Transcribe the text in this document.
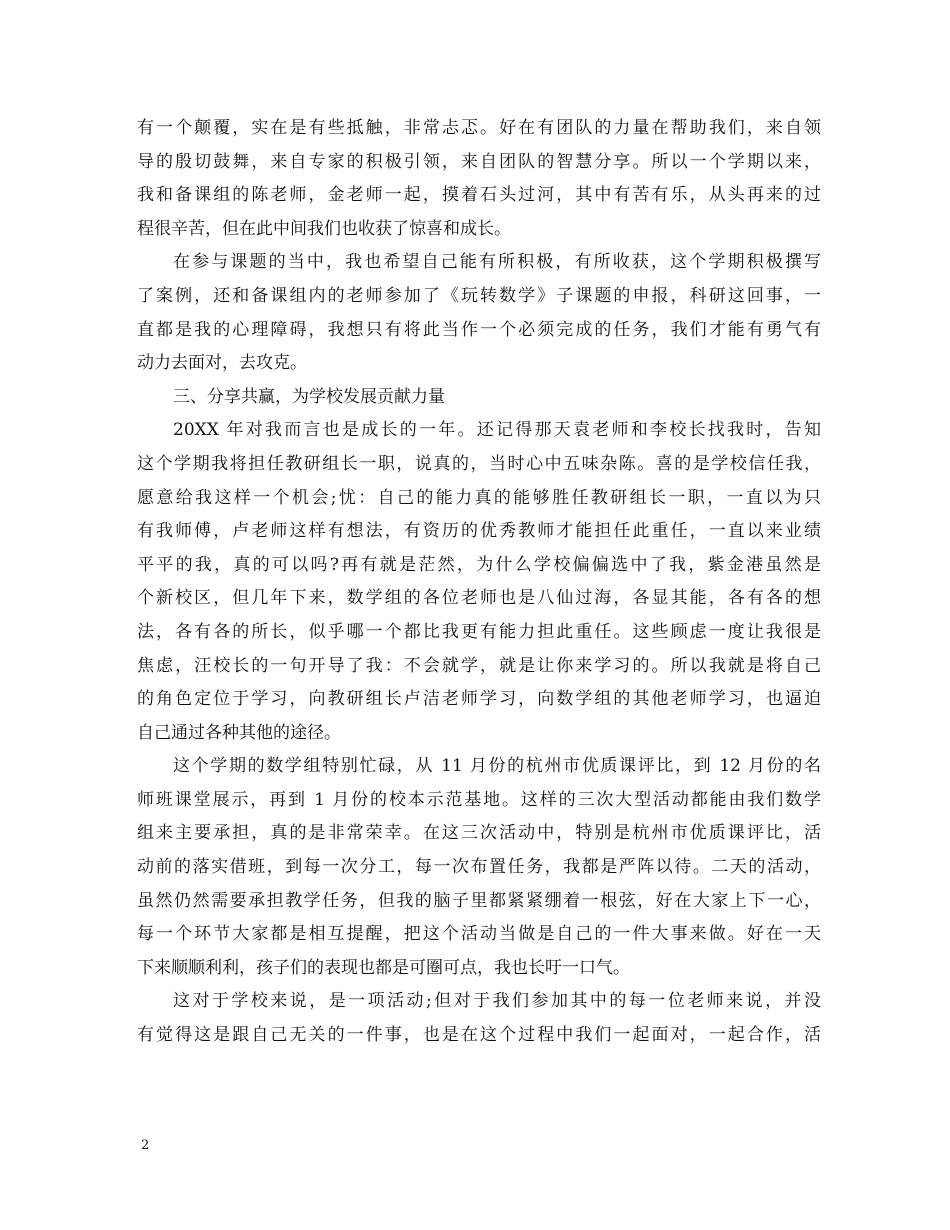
有一个颠覆，实在是有些抵触，非常忐忑。好在有团队的力量在帮助我们，来自领
导的殷切鼓舞，来自专家的积极引领，来自团队的智慧分享。所以一个学期以来，
我和备课组的陈老师，金老师一起，摸着石头过河，其中有苦有乐，从头再来的过
程很辛苦，但在此中间我们也收获了惊喜和成长。
在参与课题的当中，我也希望自己能有所积极，有所收获，这个学期积极撰写
了案例，还和备课组内的老师参加了《玩转数学》子课题的申报，科研这回事，一
直都是我的心理障碍，我想只有将此当作一个必须完成的任务，我们才能有勇气有
动力去面对，去攻克。
三、分享共赢，为学校发展贡献力量
20XX 年对我而言也是成长的一年。还记得那天袁老师和李校长找我时，告知
这个学期我将担任教研组长一职，说真的，当时心中五味杂陈。喜的是学校信任我，
愿意给我这样一个机会;忧：自己的能力真的能够胜任教研组长一职，一直以为只
有我师傅，卢老师这样有想法，有资历的优秀教师才能担任此重任，一直以来业绩
平平的我，真的可以吗?再有就是茫然，为什么学校偏偏选中了我，紫金港虽然是
个新校区，但几年下来，数学组的各位老师也是八仙过海，各显其能，各有各的想
法，各有各的所长，似乎哪一个都比我更有能力担此重任。这些顾虑一度让我很是
焦虑，汪校长的一句开导了我：不会就学，就是让你来学习的。所以我就是将自己
的角色定位于学习，向教研组长卢洁老师学习，向数学组的其他老师学习，也逼迫
自己通过各种其他的途径。
这个学期的数学组特别忙碌，从 11 月份的杭州市优质课评比，到 12 月份的名
师班课堂展示，再到 1 月份的校本示范基地。这样的三次大型活动都能由我们数学
组来主要承担，真的是非常荣幸。在这三次活动中，特别是杭州市优质课评比，活
动前的落实借班，到每一次分工，每一次布置任务，我都是严阵以待。二天的活动，
虽然仍然需要承担教学任务，但我的脑子里都紧紧绷着一根弦，好在大家上下一心，
每一个环节大家都是相互提醒，把这个活动当做是自己的一件大事来做。好在一天
下来顺顺利利，孩子们的表现也都是可圈可点，我也长吁一口气。
这对于学校来说，是一项活动;但对于我们参加其中的每一位老师来说，并没
有觉得这是跟自己无关的一件事，也是在这个过程中我们一起面对，一起合作，活
2
